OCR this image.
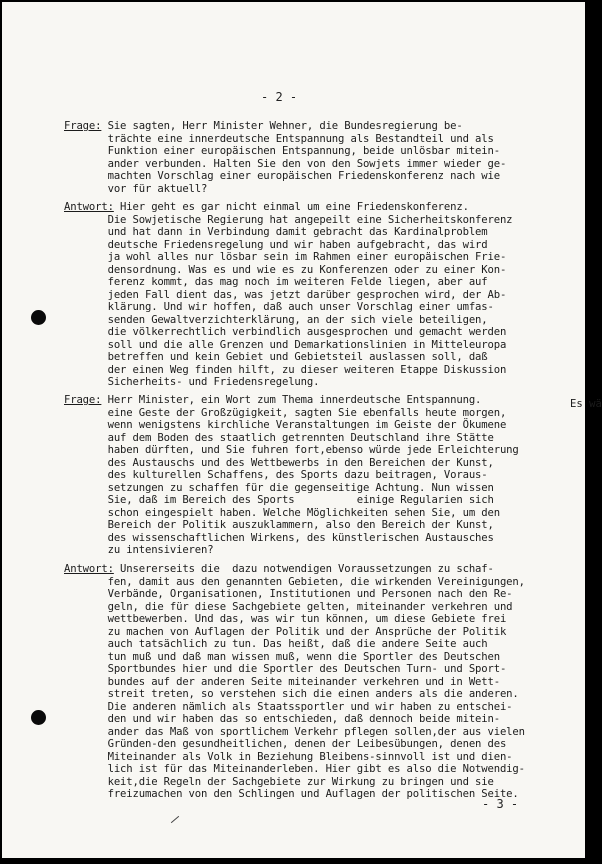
- 2 -
Frage: Sie sagten, Herr Minister Wehner, die Bundesregierung be-
trächte eine innerdeutsche Entspannung als Bestandteil und als
Funktion einer europäischen Entspannung, beide unlösbar mitein-
ander verbunden. Halten Sie den von den Sowjets immer wieder ge-
machten Vorschlag einer europäischen Friedenskonferenz nach wie
vor für aktuell?
Antwort: Hier geht es gar nicht einmal um eine Friedenskonferenz.
Die Sowjetische Regierung hat angepeilt eine Sicherheitskonferenz
und hat dann in Verbindung damit gebracht das Kardinalproblem
deutsche Friedensregelung und wir haben aufgebracht, das wird
ja wohl alles nur lösbar sein im Rahmen einer europäischen Frie-
densordnung. Was es und wie es zu Konferenzen oder zu einer Kon-
ferenz kommt, das mag noch im weiteren Felde liegen, aber auf
jeden Fall dient das, was jetzt darüber gesprochen wird, der Ab-
klärung. Und wir hoffen, daß auch unser Vorschlag einer umfas-
senden Gewaltverzichterklärung, an der sich viele beteiligen,
die völkerrechtlich verbindlich ausgesprochen und gemacht werden
soll und die alle Grenzen und Demarkationslinien in Mitteleuropa
betreffen und kein Gebiet und Gebietsteil auslassen soll, daß
der einen Weg finden hilft, zu dieser weiteren Etappe Diskussion
Sicherheits- und Friedensregelung.
Frage: Herr Minister, ein Wort zum Thema innerdeutsche Entspannung.
eine Geste der Großzügigkeit, sagten Sie ebenfalls heute morgen,
wenn wenigstens kirchliche Veranstaltungen im Geiste der Ökumene
auf dem Boden des staatlich getrennten Deutschland ihre Stätte
haben dürften, und Sie fuhren fort,ebenso würde jede Erleichterung
des Austauschs und des Wettbewerbs in den Bereichen der Kunst,
des kulturellen Schaffens, des Sports dazu beitragen, Voraus-
setzungen zu schaffen für die gegenseitige Achtung. Nun wissen
Sie, daß im Bereich des Sports          einige Regularien sich
schon eingespielt haben. Welche Möglichkeiten sehen Sie, um den
Bereich der Politik auszuklammern, also den Bereich der Kunst,
des wissenschaftlichen Wirkens, des künstlerischen Austausches
zu intensivieren?
Antwort: Unsererseits die  dazu notwendigen Voraussetzungen zu schaf-
fen, damit aus den genannten Gebieten, die wirkenden Vereinigungen,
Verbände, Organisationen, Institutionen und Personen nach den Re-
geln, die für diese Sachgebiete gelten, miteinander verkehren und
wettbewerben. Und das, was wir tun können, um diese Gebiete frei
zu machen von Auflagen der Politik und der Ansprüche der Politik
auch tatsächlich zu tun. Das heißt, daß die andere Seite auch
tun muß und daß man wissen muß, wenn die Sportler des Deutschen
Sportbundes hier und die Sportler des Deutschen Turn- und Sport-
bundes auf der anderen Seite miteinander verkehren und in Wett-
streit treten, so verstehen sich die einen anders als die anderen.
Die anderen nämlich als Staatssportler und wir haben zu entschei-
den und wir haben das so entschieden, daß dennoch beide mitein-
ander das Maß von sportlichem Verkehr pflegen sollen,der aus vielen
Gründen-den gesundheitlichen, denen der Leibesübungen, denen des
Miteinander als Volk in Beziehung Bleibens-sinnvoll ist und dien-
lich ist für das Miteinanderleben. Hier gibt es also die Notwendig-
keit,die Regeln der Sachgebiete zur Wirkung zu bringen und sie
freizumachen von den Schlingen und Auflagen der politischen Seite.
Es wä
- 3 -
